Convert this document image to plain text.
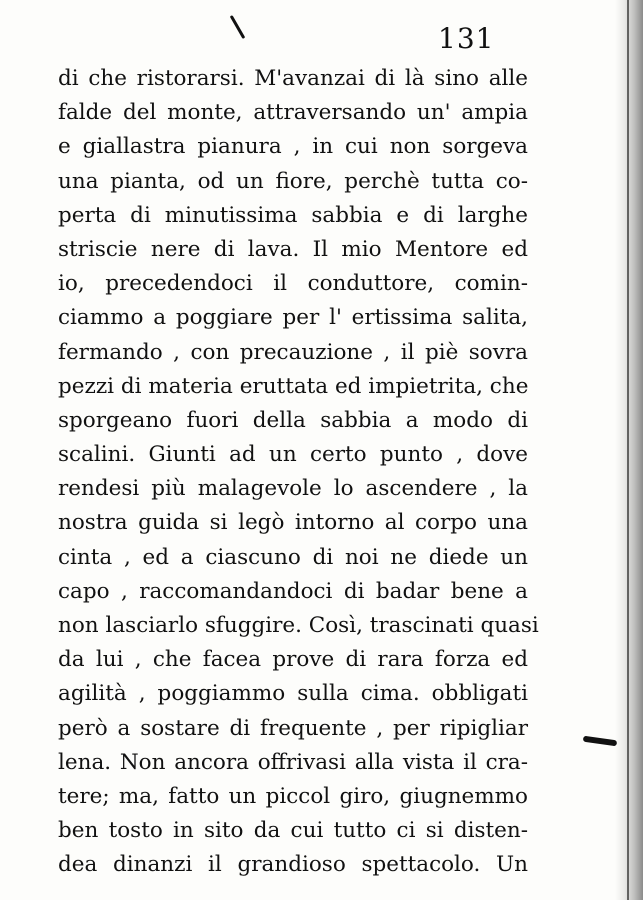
131
di che ristorarsi. M'avanzai di là sino alle
falde del monte, attraversando un' ampia
e giallastra pianura , in cui non sorgeva
una pianta, od un fiore, perchè tutta co-
perta di minutissima sabbia e di larghe
striscie nere di lava. Il mio Mentore ed
io, precedendoci il conduttore, comin-
ciammo a poggiare per l' ertissima salita,
fermando , con precauzione , il piè sovra
pezzi di materia eruttata ed impietrita, che
sporgeano fuori della sabbia a modo di
scalini. Giunti ad un certo punto , dove
rendesi più malagevole lo ascendere , la
nostra guida si legò intorno al corpo una
cinta , ed a ciascuno di noi ne diede un
capo , raccomandandoci di badar bene a
non lasciarlo sfuggire. Così, trascinati quasi
da lui , che facea prove di rara forza ed
agilità , poggiammo sulla cima. obbligati
però a sostare di frequente , per ripigliar
lena. Non ancora offrivasi alla vista il cra-
tere; ma, fatto un piccol giro, giugnemmo
ben tosto in sito da cui tutto ci si disten-
dea dinanzi il grandioso spettacolo. Un
